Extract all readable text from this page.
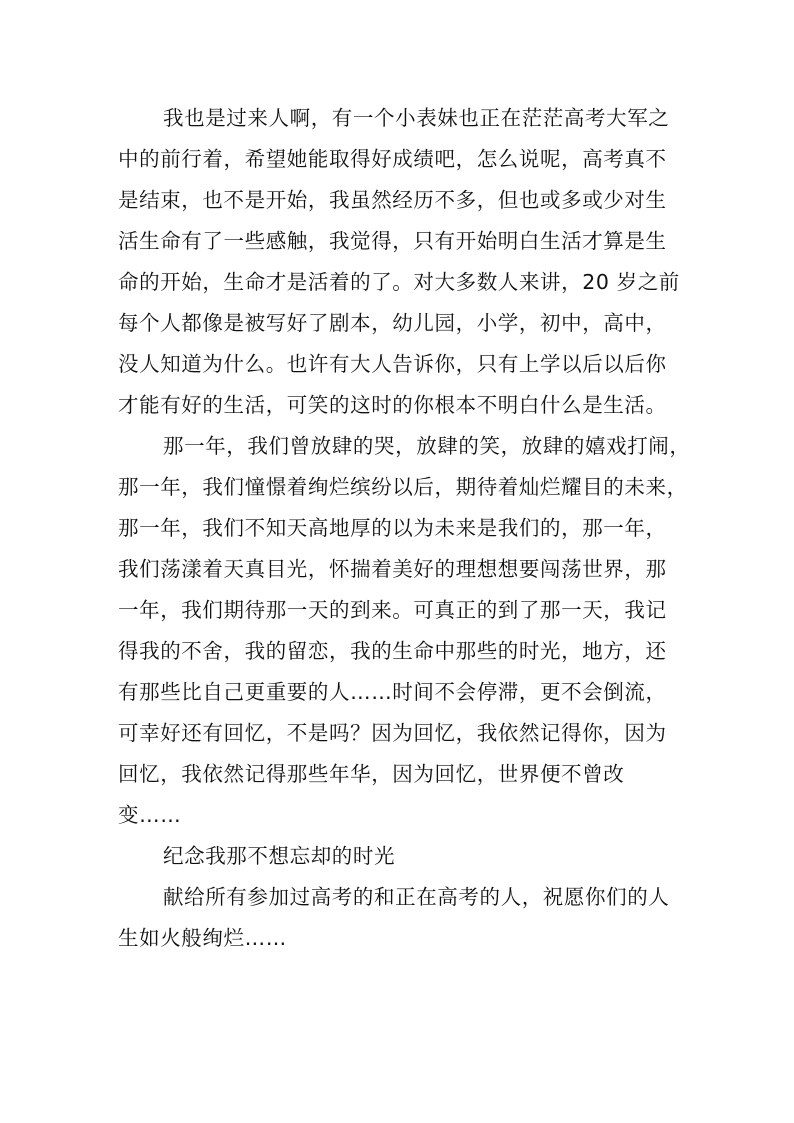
我也是过来人啊，有一个小表妹也正在茫茫高考大军之
中的前行着，希望她能取得好成绩吧，怎么说呢，高考真不
是结束，也不是开始，我虽然经历不多，但也或多或少对生
活生命有了一些感触，我觉得，只有开始明白生活才算是生
命的开始，生命才是活着的了。对大多数人来讲，20 岁之前
每个人都像是被写好了剧本，幼儿园，小学，初中，高中，
没人知道为什么。也许有大人告诉你，只有上学以后以后你
才能有好的生活，可笑的这时的你根本不明白什么是生活。
那一年，我们曾放肆的哭，放肆的笑，放肆的嬉戏打闹，
那一年，我们憧憬着绚烂缤纷以后，期待着灿烂耀目的未来，
那一年，我们不知天高地厚的以为未来是我们的，那一年，
我们荡漾着天真目光，怀揣着美好的理想想要闯荡世界，那
一年，我们期待那一天的到来。可真正的到了那一天，我记
得我的不舍，我的留恋，我的生命中那些的时光，地方，还
有那些比自己更重要的人……时间不会停滞，更不会倒流，
可幸好还有回忆，不是吗？因为回忆，我依然记得你，因为
回忆，我依然记得那些年华，因为回忆，世界便不曾改
变……
纪念我那不想忘却的时光
献给所有参加过高考的和正在高考的人，祝愿你们的人
生如火般绚烂……
